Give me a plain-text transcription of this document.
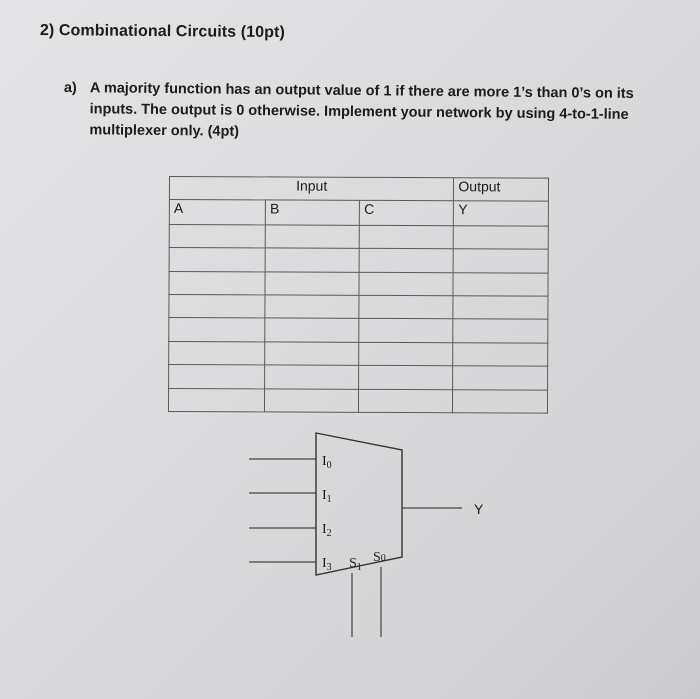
2) Combinational Circuits (10pt)
a) A majority function has an output value of 1 if there are more 1’s than 0’s on its inputs. The output is 0 otherwise. Implement your network by using 4-to-1-line multiplexer only. (4pt)
Input			Output
A	B	C	Y

$I_0$
$I_1$
$I_2$
$I_3$ $S_1$
S0
Y
